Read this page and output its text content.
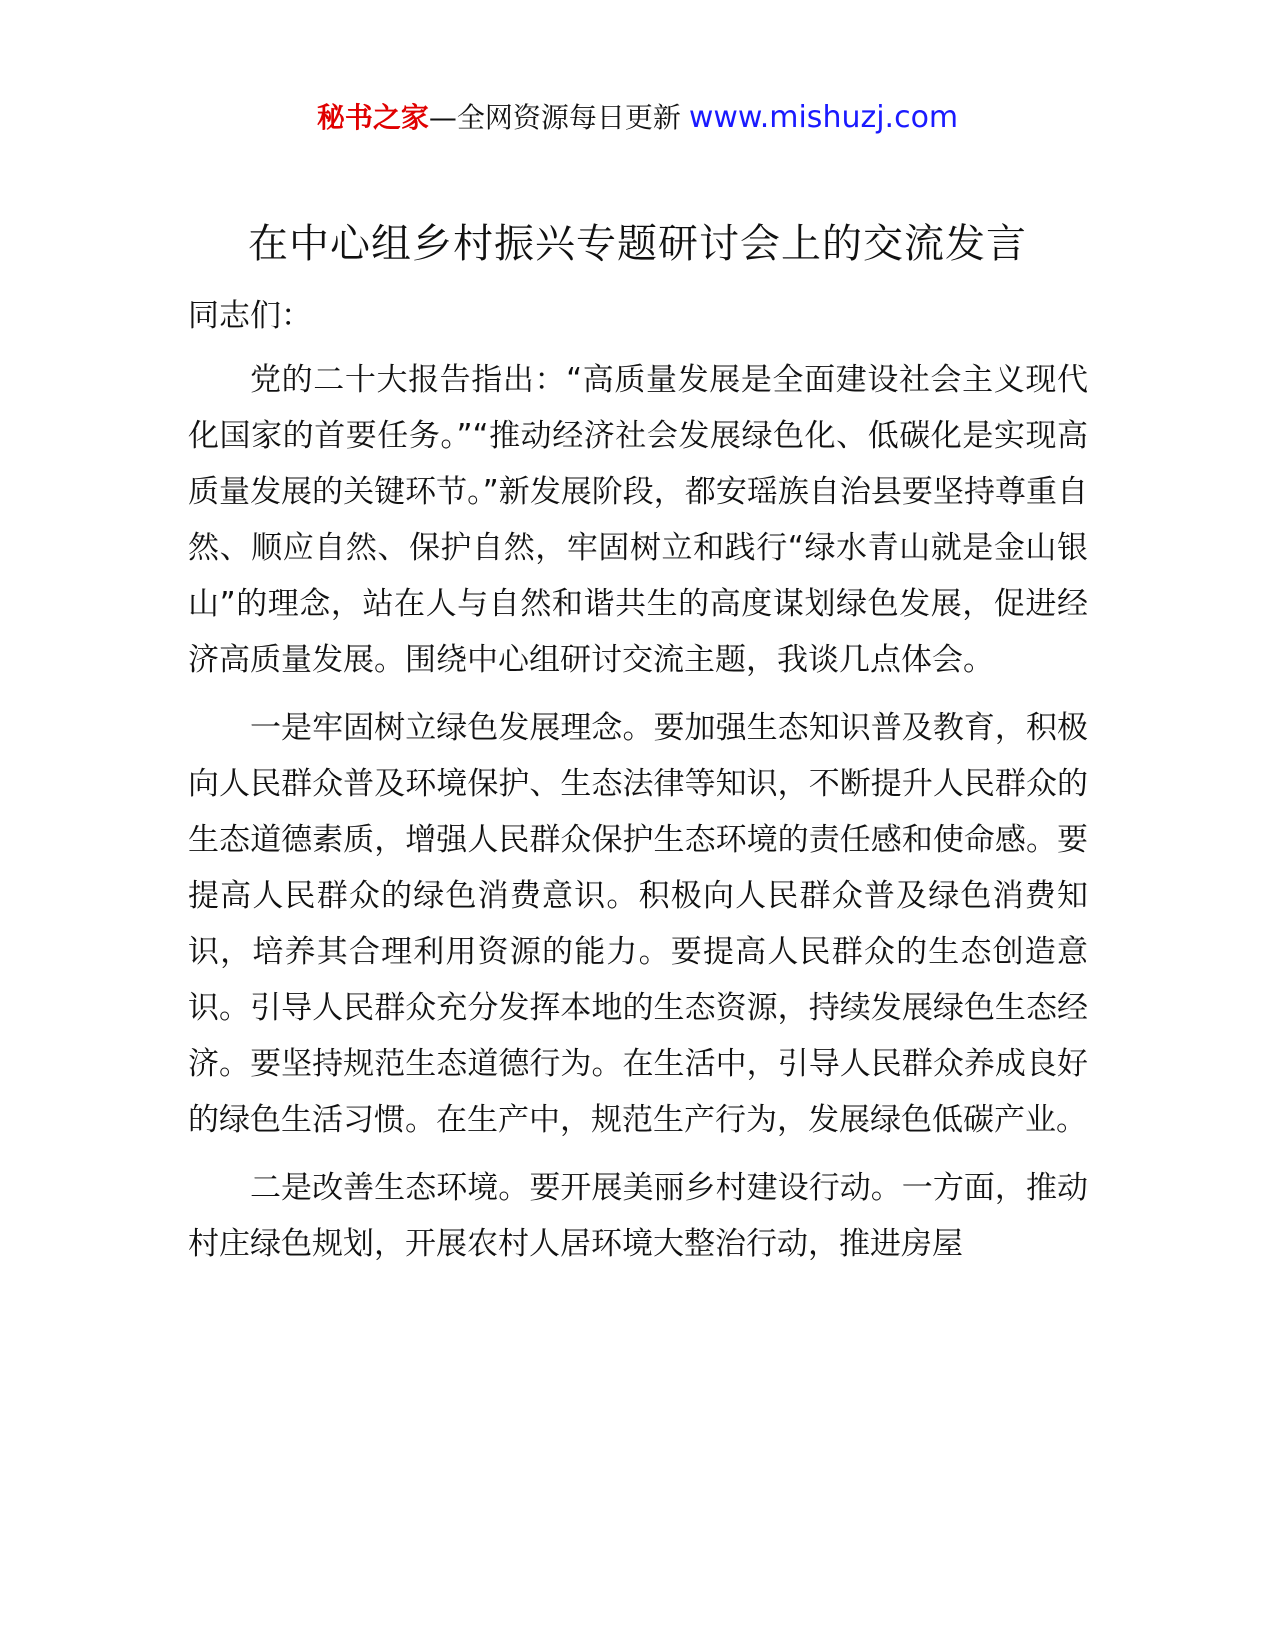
秘书之家—全网资源每日更新 www.mishuzj.com
在中心组乡村振兴专题研讨会上的交流发言

同志们：

党的二十大报告指出：“高质量发展是全面建设社会主义现代化国家的首要任务。”“推动经济社会发展绿色化、低碳化是实现高质量发展的关键环节。”新发展阶段，都安瑶族自治县要坚持尊重自然、顺应自然、保护自然，牢固树立和践行“绿水青山就是金山银山”的理念，站在人与自然和谐共生的高度谋划绿色发展，促进经济高质量发展。围绕中心组研讨交流主题，我谈几点体会。

一是牢固树立绿色发展理念。要加强生态知识普及教育，积极向人民群众普及环境保护、生态法律等知识，不断提升人民群众的生态道德素质，增强人民群众保护生态环境的责任感和使命感。要提高人民群众的绿色消费意识。积极向人民群众普及绿色消费知识，培养其合理利用资源的能力。要提高人民群众的生态创造意识。引导人民群众充分发挥本地的生态资源，持续发展绿色生态经济。要坚持规范生态道德行为。在生活中，引导人民群众养成良好的绿色生活习惯。在生产中，规范生产行为，发展绿色低碳产业。

二是改善生态环境。要开展美丽乡村建设行动。一方面，推动村庄绿色规划，开展农村人居环境大整治行动，推进房屋
